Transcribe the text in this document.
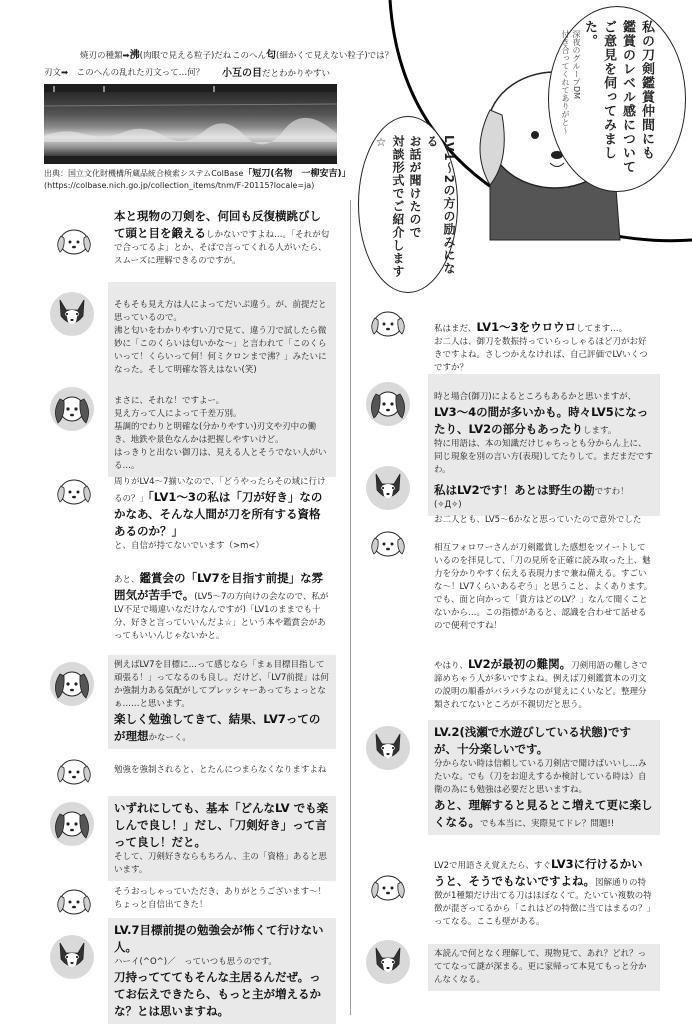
焼刃の種類➡沸(肉眼で見える粒子)だね このへん匂(細かくて見えない粒子)では？
刃文➡　 このへんの乱れた刃文って…何？ 小互の目だとわかりやすい
出典：国立文化財機構所蔵品統合検索システムColBase「短刀(名物　一柳安吉)」
(https://colbase.nich.go.jp/collection_items/tnm/F-20115?locale=ja)
私の刀剣鑑賞仲間にも
鑑賞のレベル感について
ご意見を伺ってみました。
深夜のグループDM
付き合ってくれてありがと〜
LV1〜2の方の励みになる
お話が聞けたので
対談形式でご紹介します☆
本と現物の刀剣を、何回も反復横跳びして頭と目を鍛えるしかないですよね…。「それが匂で合ってるよ」とか、そばで言ってくれる人がいたら、スムーズに理解できるのですが。

そもそも見え方は人によってだいぶ違う。が、前提だと思っているので。
沸と匂いをわかりやすい刀で見て、違う刀で試したら微妙に「このくらいは匂いかな〜」と言われて「このくらいって！くらいって何！何ミクロンまで沸？」みたいになった。そして明確な答えはない(笑)

まさに、それな！ですよー。
見え方って人によって千差万別。
基調的でわりと明確な(分かりやすい)刃文や刃中の働き、地鉄や景色なんかは把握しやすいけど。
はっきりと出ない御刀は、見える人とそうでない人がいる…。

周りがLV4〜7揃いなので、「どうやったらその域に行けるの？」「LV1〜3の私は「刀が好き」なのかなあ、そんな人間が刀を所有する資格あるのか？」と、自信が持てないでいます（>m<）
あと、鑑賞会の「LV7を目指す前提」な雰囲気が苦手で。(LV5〜7の方向けの会なので、私がLV不足で場違いなだけなんですが)「LV1のままでも十分、好きと言っていいんだよ☆」という本や鑑賞会があってもいいんじゃないかと。
例えばLV7を目標に…って感じなら「まぁ目標目指して頑張る！」ってなるのも良し。だけど、「LV7前提」は何か強制力ある気配がしてプレッシャーあってちょっとなぁ……と思います。
楽しく勉強してきて、結果、LV7ってのが理想かなーく。
勉強を強制されると、とたんにつまらなくなりますよね
いずれにしても、基本「どんなLV でも楽しんで良し！」だし、「刀剣好き」って言って良し！だと。
そして、刀剣好きならもちろん、主の「資格」あると思います。
そうおっしゃっていただき、ありがとうございます〜！ちょっと自信出てきた！
LV.7目標前提の勉強会が怖くて行けない人。
ハーイ(^O^)／　っていつも思うのです。
刀持ってててもそんな主居るんだぜ。ってお伝えできたら、もっと主が増えるかな？とは思いますね。

私はまだ、LV1〜3をウロウロしてます…。
お二人は、御刀を数振持っていらっしゃるほど刀がお好きですよね。さしつかえなければ、自己評価でLVいくつですか？

時と場合(御刀)によるところもあるかと思いますが、LV3〜4の間が多いかも。時々LV5になったり、LV2の部分もあったりします。
特に用語は、本の知識だけじゃちっとも分からん上に、同じ現象を別の言い方(表現)してたりして。まだまだですわ。

私はLV2です！あとは野生の勘ですわ！(✧Д✧)
お二人とも、LV5〜6かなと思っていたので意外でした
相互フォロワーさんが刀剣鑑賞した感想をツイートしているのを拝見して、「刀の見所を正確に読み取った上、魅力を分かりやすく伝える表現力まで兼ね備える。すごいな〜！LV7くらいあるぞう」と思うこと、よくあります。でも、面と向かって「貴方はどのLV？」なんて聞くことないから…。この指標があると、認識を合わせて話せるので便利ですね！
やはり、LV2が最初の難関。刀剣用語の難しさで諦めちゃう人が多いですよね。例えば刀剣鑑賞本の刃文の説明の順番がバラバラなのが覚えにくいなど。整理分類されてないところが不親切だと思う。
LV.2(浅瀬で水遊びしている状態)ですが、十分楽しいです。
分からない時は信頼している刀剣店で聞けばいいし…みたいな。でも（刀をお迎えするか検討している時は）自衛の為にも勉強は必要だと思いますね。
あと、理解すると見るとこ増えて更に楽しくなる。でも本当に、実際見てドレ？問題!!
LV2で用語さえ覚えたら、すぐLV3に行けるかいうと、そうでもないですよね。図解通りの特徴が1種類だけ出てる刀はほぼなくて。たいてい複数の特徴が混ざってるから「これはどの特徴に当てはまるの？」ってなる。ここも壁がある。
本読んで何となく理解して、現物見て、あれ？どれ？っててなって謎が深まる。更に家帰って本見てもっと分かんなくなる。
